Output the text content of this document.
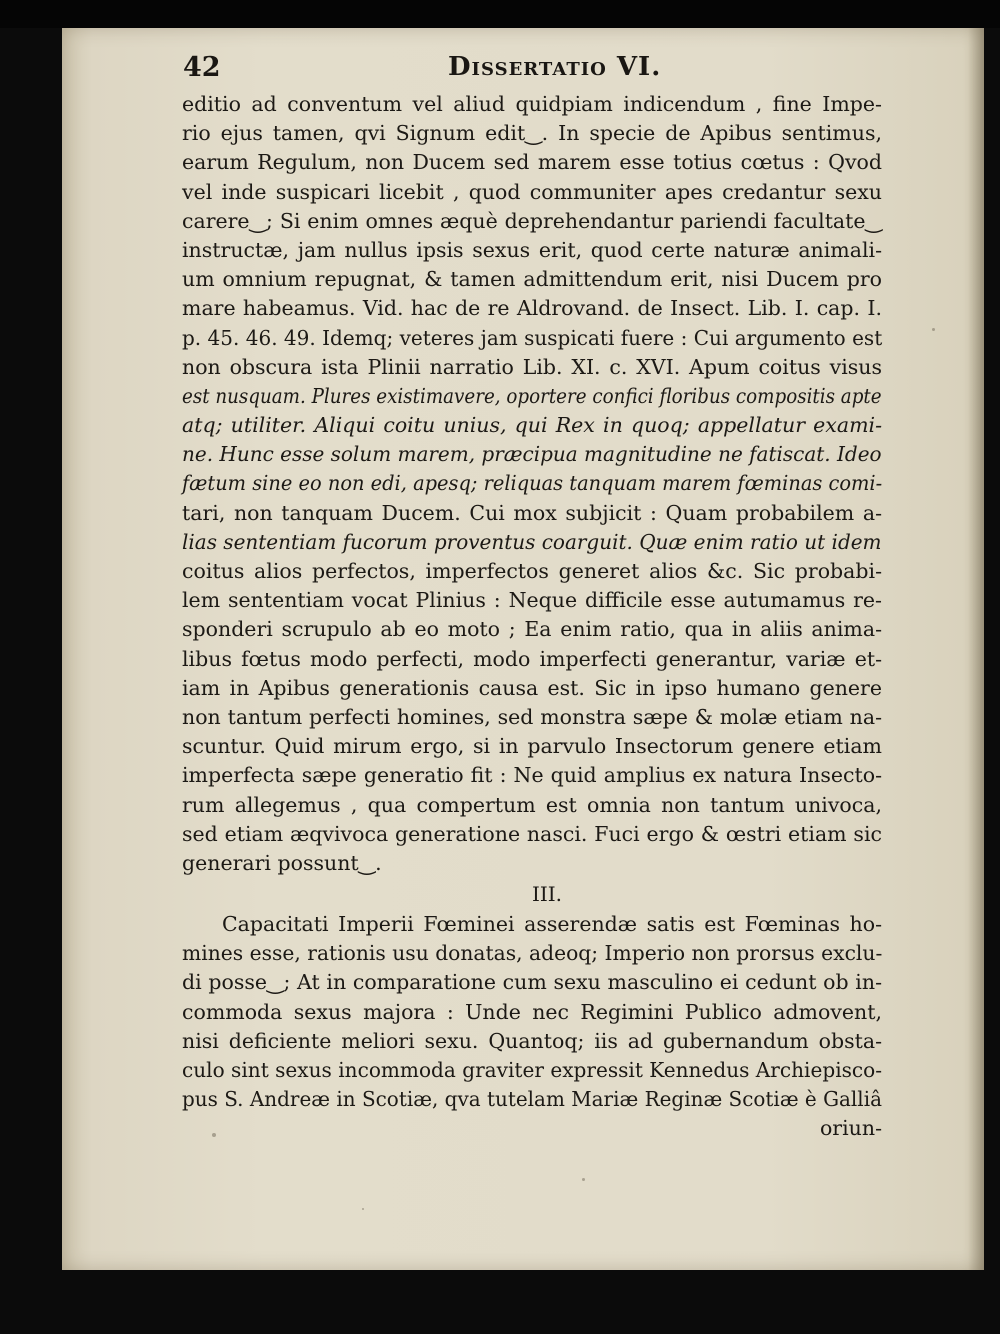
42	Dissertatio VI.
editio ad conventum vel aliud quidpiam indicendum , fine Impe-
rio ejus tamen, qvi Signum edit‿. In specie de Apibus sentimus,
earum Regulum, non Ducem sed marem esse totius cœtus : Qvod
vel inde suspicari licebit , quod communiter apes credantur sexu
carere‿; Si enim omnes æquè deprehendantur pariendi facultate‿
instructæ, jam nullus ipsis sexus erit, quod certe naturæ animali-
um omnium repugnat, & tamen admittendum erit, nisi Ducem pro
mare habeamus. Vid. hac de re Aldrovand. de Insect. Lib. I. cap. I.
p. 45. 46. 49. Idemq; veteres jam suspicati fuere : Cui argumento est
non obscura ista Plinii narratio Lib. XI. c. XVI. Apum coitus visus
est nusquam. Plures existimavere, oportere confici floribus compositis apte
atq; utiliter. Aliqui coitu unius, qui Rex in quoq; appellatur exami-
ne. Hunc esse solum marem, præcipua magnitudine ne fatiscat. Ideo
fætum sine eo non edi, apesq; reliquas tanquam marem fœminas comi-
tari, non tanquam Ducem. Cui mox subjicit : Quam probabilem a-
lias sententiam fucorum proventus coarguit. Quæ enim ratio ut idem
coitus alios perfectos, imperfectos generet alios &c. Sic probabi-
lem sententiam vocat Plinius : Neque difficile esse autumamus re-
sponderi scrupulo ab eo moto ; Ea enim ratio, qua in aliis anima-
libus fœtus modo perfecti, modo imperfecti generantur, variæ et-
iam in Apibus generationis causa est. Sic in ipso humano genere
non tantum perfecti homines, sed monstra sæpe & molæ etiam na-
scuntur. Quid mirum ergo, si in parvulo Insectorum genere etiam
imperfecta sæpe generatio fit : Ne quid amplius ex natura Insecto-
rum allegemus , qua compertum est omnia non tantum univoca,
sed etiam æqvivoca generatione nasci. Fuci ergo & œstri etiam sic
generari possunt‿.
III.
Capacitati Imperii Fœminei asserendæ satis est Fœminas ho-
mines esse, rationis usu donatas, adeoq; Imperio non prorsus exclu-
di posse‿; At in comparatione cum sexu masculino ei cedunt ob in-
commoda sexus majora : Unde nec Regimini Publico admovent,
nisi deficiente meliori sexu. Quantoq; iis ad gubernandum obsta-
culo sint sexus incommoda graviter expressit Kennedus Archiepisco-
pus S. Andreæ in Scotiæ, qva tutelam Mariæ Reginæ Scotiæ è Galliâ
oriun-
